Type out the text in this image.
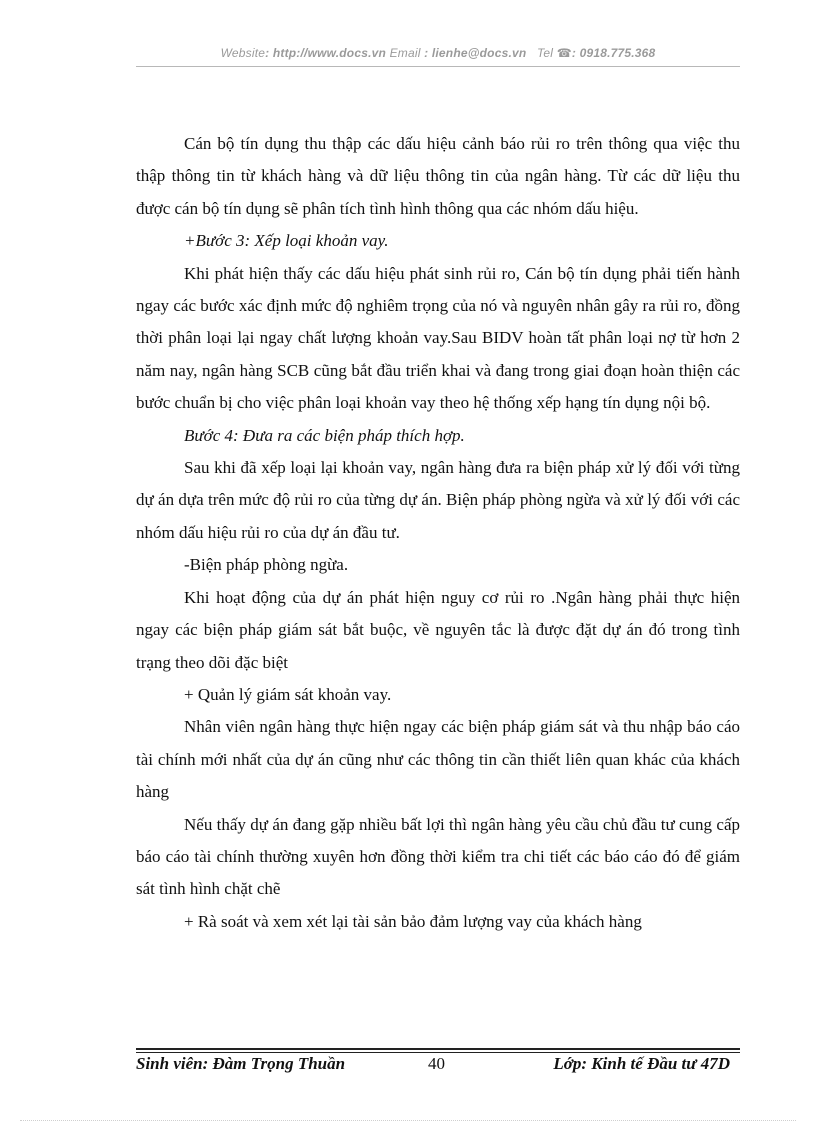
Website: http://www.docs.vn Email : lienhe@docs.vn Tel ☎: 0918.775.368

Cán bộ tín dụng thu thập các dấu hiệu cảnh báo rủi ro trên thông qua việc thu thập thông tin từ khách hàng và dữ liệu thông tin của ngân hàng. Từ các dữ liệu thu được cán bộ tín dụng sẽ phân tích tình hình thông qua các nhóm dấu hiệu.

+Bước 3: Xếp loại khoản vay.

Khi phát hiện thấy các dấu hiệu phát sinh rủi ro, Cán bộ tín dụng phải tiến hành ngay các bước xác định mức độ nghiêm trọng của nó và nguyên nhân gây ra rủi ro, đồng thời phân loại lại ngay chất lượng khoản vay.Sau BIDV hoàn tất phân loại nợ từ hơn 2 năm nay, ngân hàng SCB cũng bắt đầu triển khai và đang trong giai đoạn hoàn thiện các bước chuẩn bị cho việc phân loại khoản vay theo hệ thống xếp hạng tín dụng nội bộ.

Bước 4: Đưa ra các biện pháp thích hợp.

Sau khi đã xếp loại lại khoản vay, ngân hàng đưa ra biện pháp xử lý đối với từng dự án dựa trên mức độ rủi ro của từng dự án. Biện pháp phòng ngừa và xử lý đối với các nhóm dấu hiệu rủi ro của dự án đầu tư.

-Biện pháp phòng ngừa.

Khi hoạt động của dự án phát hiện nguy cơ rủi ro .Ngân hàng phải thực hiện ngay các biện pháp giám sát bắt buộc, về nguyên tắc là được đặt dự án đó trong tình trạng theo dõi đặc biệt

+ Quản lý giám sát khoản vay.

Nhân viên ngân hàng thực hiện ngay các biện pháp giám sát và thu nhập báo cáo tài chính mới nhất của dự án cũng như các thông tin cần thiết liên quan khác của khách hàng

Nếu thấy dự án đang gặp nhiều bất lợi thì ngân hàng yêu cầu chủ đầu tư cung cấp báo cáo tài chính thường xuyên hơn đồng thời kiểm tra chi tiết các báo cáo đó để giám sát tình hình chặt chẽ

+ Rà soát và xem xét lại tài sản bảo đảm lượng vay của khách hàng

Sinh viên: Đàm Trọng Thuần	40	Lớp: Kinh tế Đầu tư 47D
